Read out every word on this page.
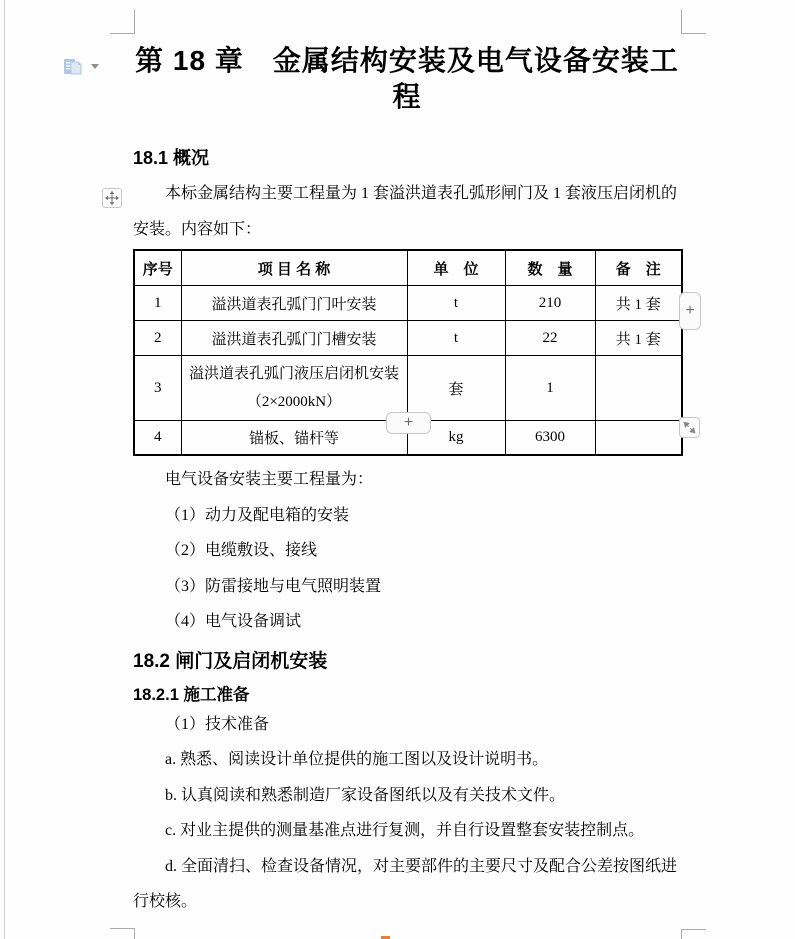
第 18 章　金属结构安装及电气设备安装工程
18.1 概况

本标金属结构主要工程量为 1 套溢洪道表孔弧形闸门及 1 套液压启闭机的安装。内容如下：

序号	项 目 名 称	单　位	数　量	备　注
1	溢洪道表孔弧门门叶安装	t	210	共 1 套
2	溢洪道表孔弧门门槽安装	t	22	共 1 套
3	溢洪道表孔弧门液压启闭机安装
（2×2000kN）	套	1	
4	锚板、锚杆等	kg	6300	

电气设备安装主要工程量为：

（1）动力及配电箱的安装

（2）电缆敷设、接线

（3）防雷接地与电气照明装置

（4）电气设备调试

18.2 闸门及启闭机安装
18.2.1 施工准备

（1）技术准备

a. 熟悉、阅读设计单位提供的施工图以及设计说明书。

b. 认真阅读和熟悉制造厂家设备图纸以及有关技术文件。

c. 对业主提供的测量基准点进行复测，并自行设置整套安装控制点。

d. 全面清扫、检查设备情况，对主要部件的主要尺寸及配合公差按图纸进行校核。

+
+
